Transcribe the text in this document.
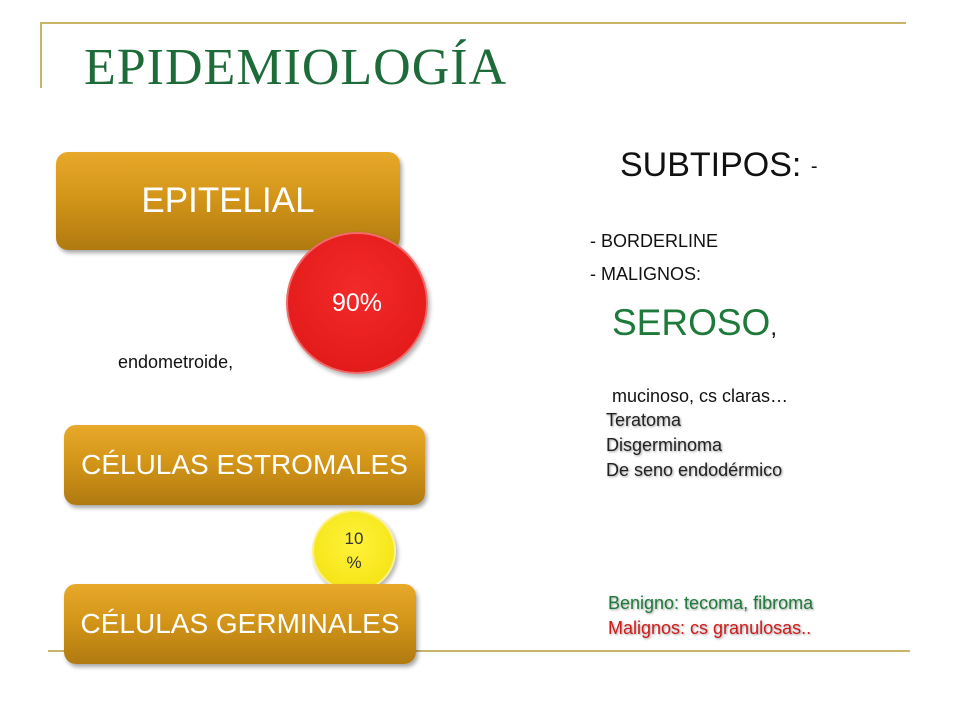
EPIDEMIOLOGÍA
EPITELIAL
90%
endometroide,
CÉLULAS ESTROMALES
10 %
CÉLULAS GERMINALES
SUBTIPOS: -
- BORDERLINE
- MALIGNOS:
SEROSO,
mucinoso, cs claras…
Teratoma
Disgerminoma
De seno endodérmico
Benigno: tecoma, fibroma
Malignos: cs granulosas..
